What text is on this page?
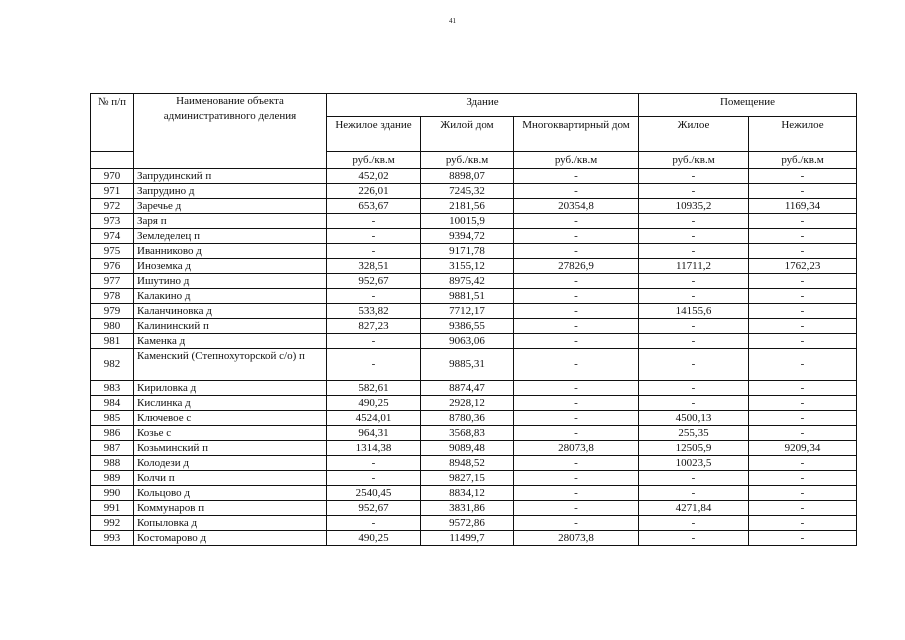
41
№ п/п	Наименование объекта административного деления	Здание			Помещение	
		Нежилое здание	Жилой дом	Многоквартирный дом	Жилое	Нежилое
		руб./кв.м	руб./кв.м	руб./кв.м	руб./кв.м	руб./кв.м
970	Запрудинский п	452,02	8898,07	-	-	-
971	Запрудино д	226,01	7245,32	-	-	-
972	Заречье д	653,67	2181,56	20354,8	10935,2	1169,34
973	Заря п	-	10015,9	-	-	-
974	Земледелец п	-	9394,72	-	-	-
975	Иванниково д	-	9171,78	-	-	-
976	Иноземка д	328,51	3155,12	27826,9	11711,2	1762,23
977	Ишутино д	952,67	8975,42	-	-	-
978	Калакино д	-	9881,51	-	-	-
979	Каланчиновка д	533,82	7712,17	-	14155,6	-
980	Калининский п	827,23	9386,55	-	-	-
981	Каменка д	-	9063,06	-	-	-
982	Каменский (Степнохуторской с/о) п	-	9885,31	-	-	-
983	Кириловка д	582,61	8874,47	-	-	-
984	Кислинка д	490,25	2928,12	-	-	-
985	Ключевое с	4524,01	8780,36	-	4500,13	-
986	Козье с	964,31	3568,83	-	255,35	-
987	Козьминский п	1314,38	9089,48	28073,8	12505,9	9209,34
988	Колодези д	-	8948,52	-	10023,5	-
989	Колчи п	-	9827,15	-	-	-
990	Кольцово д	2540,45	8834,12	-	-	-
991	Коммунаров п	952,67	3831,86	-	4271,84	-
992	Копыловка д	-	9572,86	-	-	-
993	Костомарово д	490,25	11499,7	28073,8	-	-
